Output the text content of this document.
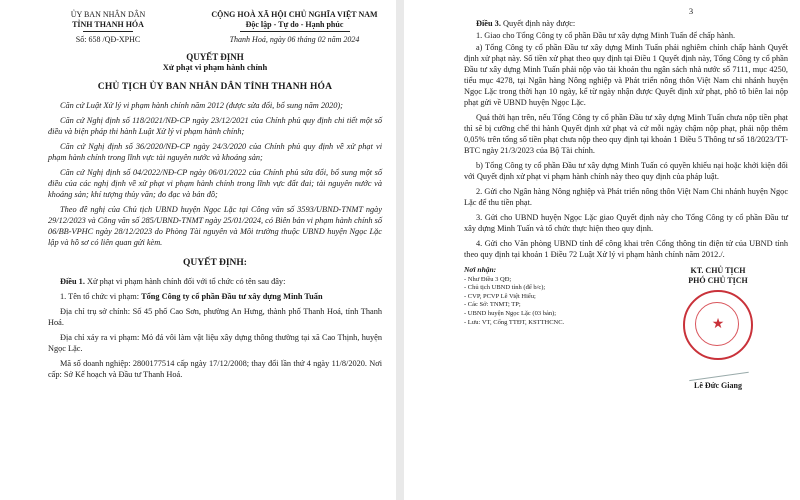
ỦY BAN NHÂN DÂN
TỈNH THANH HÓA
CỘNG HOÀ XÃ HỘI CHỦ NGHĨA VIỆT NAM
Độc lập - Tự do - Hạnh phúc
Số: 658 /QĐ-XPHC	Thanh Hoá, ngày 06 tháng 02 năm 2024
QUYẾT ĐỊNH
Xử phạt vi phạm hành chính
CHỦ TỊCH ỦY BAN NHÂN DÂN TỈNH THANH HÓA

Căn cứ Luật Xử lý vi phạm hành chính năm 2012 (được sửa đổi, bổ sung năm 2020);

Căn cứ Nghị định số 118/2021/NĐ-CP ngày 23/12/2021 của Chính phủ quy định chi tiết một số điều và biện pháp thi hành Luật Xử lý vi phạm hành chính;

Căn cứ Nghị định số 36/2020/NĐ-CP ngày 24/3/2020 của Chính phủ quy định về xử phạt vi phạm hành chính trong lĩnh vực tài nguyên nước và khoáng sản;

Căn cứ Nghị định số 04/2022/NĐ-CP ngày 06/01/2022 của Chính phủ sửa đổi, bổ sung một số điều của các nghị định về xử phạt vi phạm hành chính trong lĩnh vực đất đai; tài nguyên nước và khoáng sản; khí tượng thủy văn; đo đạc và bản đồ;

Theo đề nghị của Chủ tịch UBND huyện Ngọc Lặc tại Công văn số 3593/UBND-TNMT ngày 29/12/2023 và Công văn số 285/UBND-TNMT ngày 25/01/2024, có Biên bản vi phạm hành chính số 06/BB-VPHC ngày 28/12/2023 do Phòng Tài nguyên và Môi trường thuộc UBND huyện Ngọc Lặc lập và hồ sơ có liên quan gửi kèm.

QUYẾT ĐỊNH:

Điều 1. Xử phạt vi phạm hành chính đối với tổ chức có tên sau đây:

1. Tên tổ chức vi phạm: Tổng Công ty cổ phần Đầu tư xây dựng Minh Tuấn

Địa chỉ trụ sở chính: Số 45 phố Cao Sơn, phường An Hưng, thành phố Thanh Hoá, tỉnh Thanh Hoá.

Địa chỉ xảy ra vi phạm: Mỏ đá vôi làm vật liệu xây dựng thông thường tại xã Cao Thịnh, huyện Ngọc Lặc.

Mã số doanh nghiệp: 2800177514 cấp ngày 17/12/2008; thay đổi lần thứ 4 ngày 11/8/2020. Nơi cấp: Sở Kế hoạch và Đầu tư Thanh Hoá.

3

Điều 3. Quyết định này được:

1. Giao cho Tổng Công ty cổ phần Đầu tư xây dựng Minh Tuấn để chấp hành.

a) Tổng Công ty cổ phần Đầu tư xây dựng Minh Tuấn phải nghiêm chỉnh chấp hành Quyết định xử phạt này. Số tiền xử phạt theo quy định tại Điều 1 Quyết định này, Tổng Công ty cổ phần Đầu tư xây dựng Minh Tuấn phải nộp vào tài khoản thu ngân sách nhà nước số 7111, mục 4250, tiểu mục 4278, tại Ngân hàng Nông nghiệp và Phát triển nông thôn Việt Nam chi nhánh huyện Ngọc Lặc trong thời hạn 10 ngày, kể từ ngày nhận được Quyết định xử phạt, phô tô biên lai nộp phạt gửi về UBND huyện Ngọc Lặc.

Quá thời hạn trên, nếu Tổng Công ty cổ phần Đầu tư xây dựng Minh Tuấn chưa nộp tiền phạt thì sẽ bị cưỡng chế thi hành Quyết định xử phạt và cứ mỗi ngày chậm nộp phạt, phải nộp thêm 0,05% trên tổng số tiền phạt chưa nộp theo quy định tại khoản 1 Điều 5 Thông tư số 18/2023/TT-BTC ngày 21/3/2023 của Bộ Tài chính.

b) Tổng Công ty cổ phần Đầu tư xây dựng Minh Tuấn có quyền khiếu nại hoặc khởi kiện đối với Quyết định xử phạt vi phạm hành chính này theo quy định của pháp luật.

2. Gửi cho Ngân hàng Nông nghiệp và Phát triển nông thôn Việt Nam Chi nhánh huyện Ngọc Lặc để thu tiền phạt.

3. Gửi cho UBND huyện Ngọc Lặc giao Quyết định này cho Tổng Công ty cổ phần Đầu tư xây dựng Minh Tuấn và tổ chức thực hiện theo quy định.

4. Gửi cho Văn phòng UBND tỉnh để công khai trên Cổng thông tin điện tử của UBND tỉnh theo quy định tại khoản 1 Điều 72 Luật Xử lý vi phạm hành chính năm 2012./.

Nơi nhận:
- Như Điều 3 QĐ;
- Chủ tịch UBND tỉnh (để b/c);
- CVP, PCVP Lê Việt Hiếu;
- Các Sở: TNMT; TP;
- UBND huyện Ngọc Lặc (03 bản);
- Lưu: VT, Cổng TTĐT, KSTTHCNC.
KT. CHỦ TỊCH
PHÓ CHỦ TỊCH
★
Lê Đức Giang
